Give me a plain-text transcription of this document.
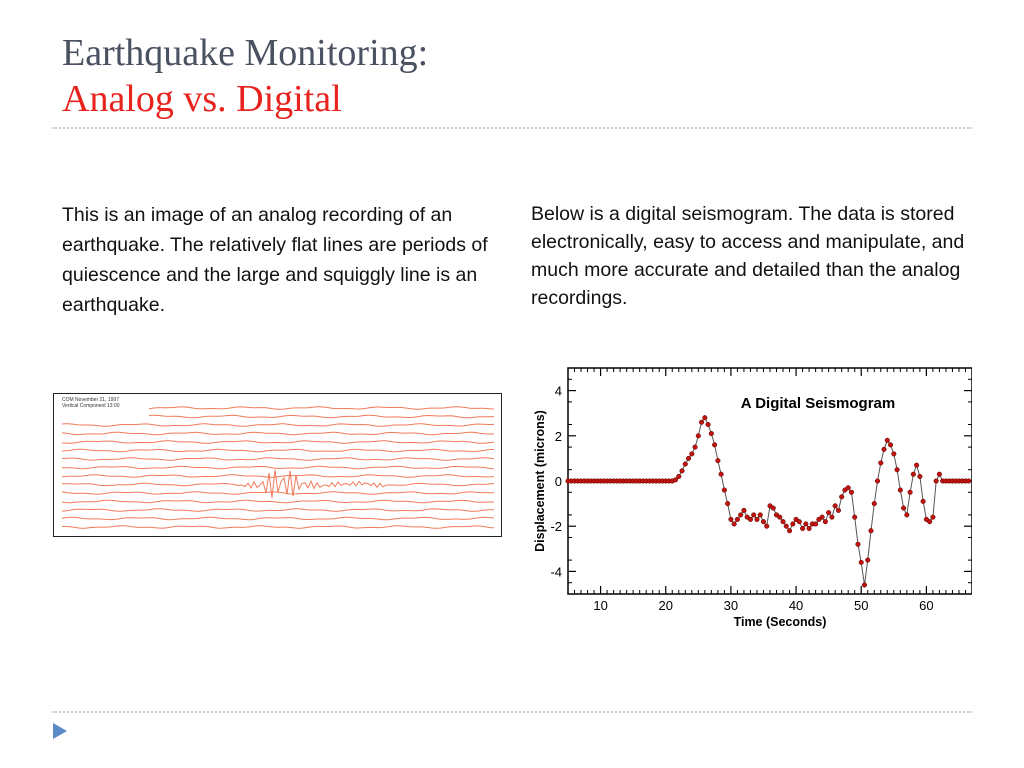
Earthquake Monitoring:
Analog vs. Digital
This is an image of an analog recording of an earthquake. The relatively flat lines are periods of quiescence and the large and squiggly line is an earthquake.
Below is a digital seismogram. The data is stored electronically, easy to access and manipulate, and much more accurate and detailed than the analog recordings.
COM November 21, 1997
Vertical Component 13:00	A Digital Seismogram
Time (Seconds)
Displacement (microns)
10	20	30	40	50	60
-4
-2
0
2
4
